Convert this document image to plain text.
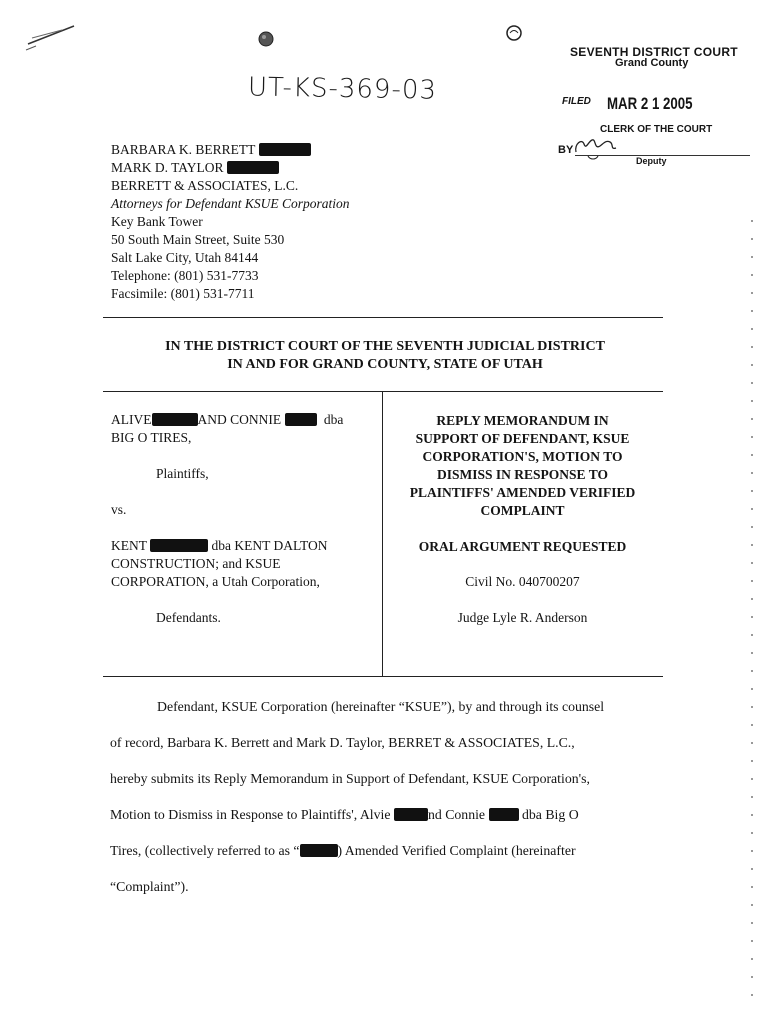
SEVENTH DISTRICT COURT
Grand County
FILED MAR 2 1 2005
CLERK OF THE COURT
BY
Deputy
UT-KS-369-03
BARBARA K. BERRETT
MARK D. TAYLOR
BERRETT & ASSOCIATES, L.C.
Attorneys for Defendant KSUE Corporation
Key Bank Tower
50 South Main Street, Suite 530
Salt Lake City, Utah 84144
Telephone: (801) 531-7733
Facsimile: (801) 531-7711
IN THE DISTRICT COURT OF THE SEVENTH JUDICIAL DISTRICT
IN AND FOR GRAND COUNTY, STATE OF UTAH
ALIVE	AND CONNIE	dba
BIG O TIRES,
Plaintiffs,
vs.
KENT	dba KENT DALTON
CONSTRUCTION; and KSUE
CORPORATION, a Utah Corporation,
Defendants.
REPLY MEMORANDUM IN
SUPPORT OF DEFENDANT, KSUE
CORPORATION'S, MOTION TO
DISMISS IN RESPONSE TO
PLAINTIFFS' AMENDED VERIFIED
COMPLAINT
ORAL ARGUMENT REQUESTED
Civil No. 040700207
Judge Lyle R. Anderson
Defendant, KSUE Corporation (hereinafter “KSUE”), by and through its counsel
of record, Barbara K. Berrett and Mark D. Taylor, BERRET & ASSOCIATES, L.C.,
hereby submits its Reply Memorandum in Support of Defendant, KSUE Corporation's,
Motion to Dismiss in Response to Plaintiffs', Alvie	nd Connie	dba Big O
Tires, (collectively referred to as “	) Amended Verified Complaint (hereinafter
“Complaint”).
